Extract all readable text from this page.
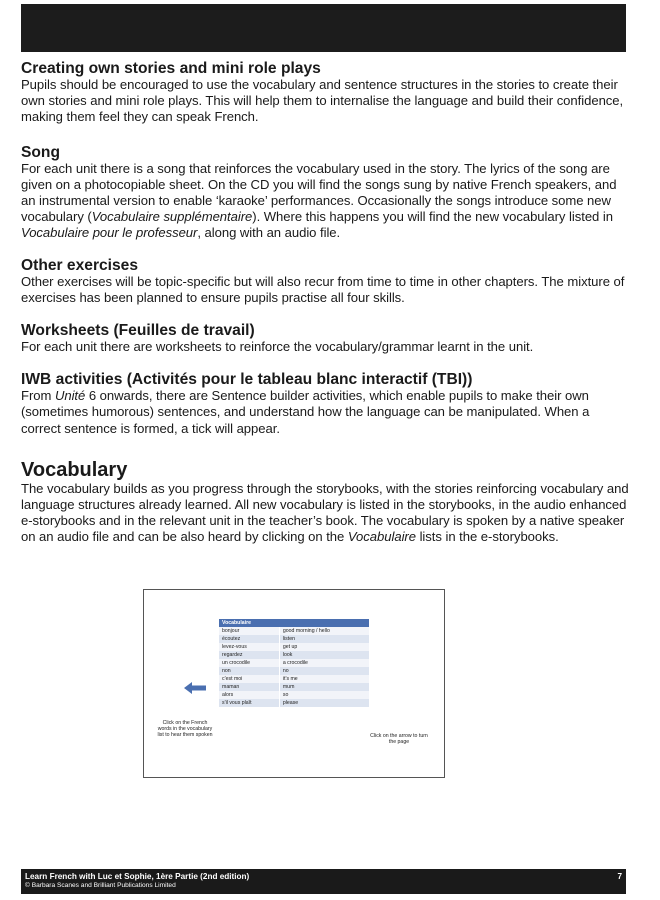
Creating own stories and mini role plays

Pupils should be encouraged to use the vocabulary and sentence structures in the stories to create their own stories and mini role plays. This will help them to internalise the language and build their confidence, making them feel they can speak French.

Song

For each unit there is a song that reinforces the vocabulary used in the story. The lyrics of the song are given on a photocopiable sheet. On the CD you will find the songs sung by native French speakers, and an instrumental version to enable ‘karaoke’ performances. Occasionally the songs introduce some new vocabulary (Vocabulaire supplémentaire). Where this happens you will find the new vocabulary listed in Vocabulaire pour le professeur, along with an audio file.

Other exercises

Other exercises will be topic-specific but will also recur from time to time in other chapters. The mixture of exercises has been planned to ensure pupils practise all four skills.

Worksheets (Feuilles de travail)

For each unit there are worksheets to reinforce the vocabulary/grammar learnt in the unit.

IWB activities (Activités pour le tableau blanc interactif (TBI))

From Unité 6 onwards, there are Sentence builder activities, which enable pupils to make their own (sometimes humorous) sentences, and understand how the language can be manipulated. When a correct sentence is formed, a tick will appear.

Vocabulary

The vocabulary builds as you progress through the storybooks, with the stories reinforcing vocabulary and language structures already learned. All new vocabulary is listed in the storybooks, in the audio enhanced e-storybooks and in the relevant unit in the teacher’s book. The vocabulary is spoken by a native speaker on an audio file and can be also heard by clicking on the Vocabulaire lists in the e-storybooks.

Vocabulaire	
bonjour	good morning / hello
écoutez	listen
levez-vous	get up
regardez	look
un crocodile	a crocodile
non	no
c'est moi	it's me
maman	mum
alors	so
s'il vous plaît	please
Click on the French words in the vocabulary list to hear them spoken	Click on the arrow to turn the page
Learn French with Luc et Sophie, 1ère Partie (2nd edition)
© Barbara Scanes and Brilliant Publications Limited
7
